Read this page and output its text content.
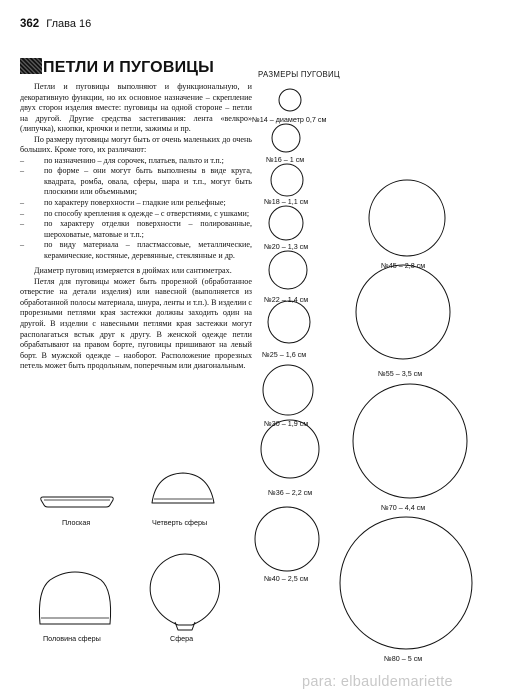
362 Глава 16
ПЕТЛИ И ПУГОВИЦЫ

Петли и пуговицы выполняют и функциональную, и декоративную функции, но их основное назначение – скрепление двух сторон изделия вместе: пуговицы на одной стороне – петли на другой. Другие средства застегивания: лента «велкро» (липучка), кнопки, крючки и петли, зажимы и пр.

По размеру пуговицы могут быть от очень маленьких до очень больших. Кроме того, их различают:

–	по назначению – для сорочек, платьев, пальто и т.п.;
–	по форме – они могут быть выполнены в виде круга, квадрата, ромба, овала, сферы, шара и т.п., могут быть плоскими или объемными;
–	по характеру поверхности – гладкие или рельефные;
–	по способу крепления к одежде – с отверстиями, с ушками;
–	по характеру отделки поверхности – полированные, шероховатые, матовые и т.п.;
–	по виду материала – пластмассовые, металлические, керамические, костяные, деревянные, стеклянные и др.

Диаметр пуговиц измеряется в дюймах или сантиметрах.

Петля для пуговицы может быть прорезной (обработанное отверстие на детали изделия) или навесной (выполняется из обработанной полосы материала, шнура, ленты и т.п.). В изделии с прорезными петлями края застежки должны заходить один на другой. В изделии с навесными петлями края застежки могут располагаться встык друг к другу. В женской одежде петли обрабатывают на правом борте, пуговицы пришивают на левый борт. В мужской одежде – наоборот. Расположение прорезных петель может быть продольным, поперечным или диагональным.

РАЗМЕРЫ ПУГОВИЦ
№14 – диаметр 0,7 см
№16 – 1 см
№18 – 1,1 см
№20 – 1,3 см
№22 – 1,4 см
№25 – 1,6 см
№30 – 1,9 см
№36 – 2,2 см
№40 – 2,5 см
№45 – 2,8 см
№55 – 3,5 см
№70 – 4,4 см
№80 – 5 см
Плоская	Четверть сферы
Половина сферы	Сфера
para: elbauldemariette
